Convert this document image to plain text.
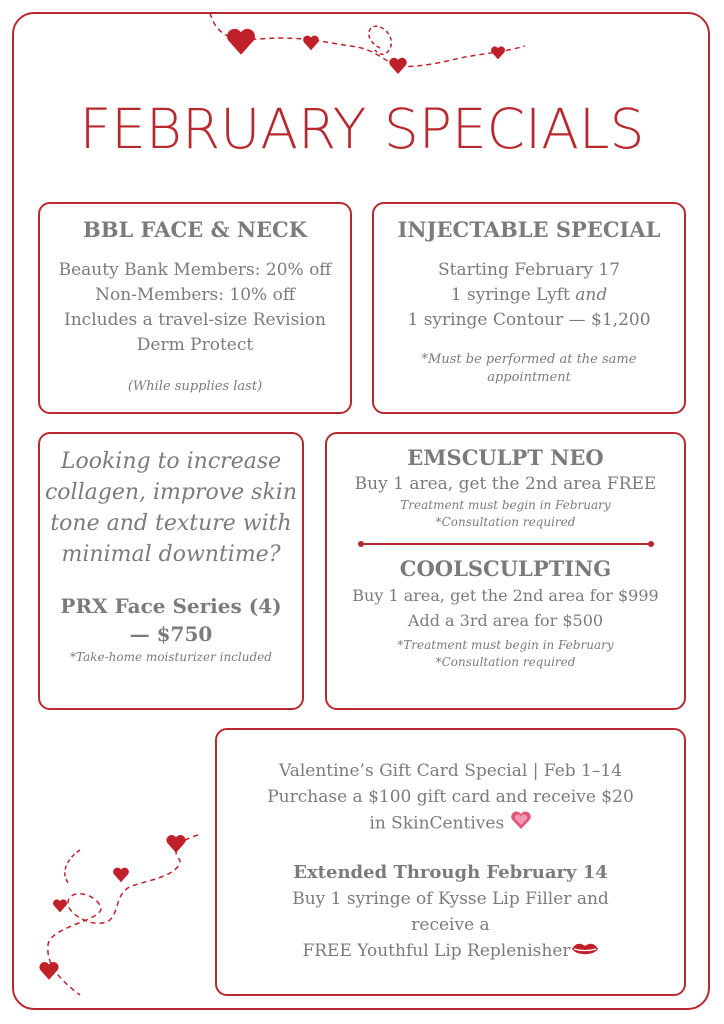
FEBRUARY SPECIALS
BBL FACE & NECK
Beauty Bank Members: 20% off
Non-Members: 10% off
Includes a travel-size Revision
Derm Protect
(While supplies last)
INJECTABLE SPECIAL
Starting February 17
1 syringe Lyft and
1 syringe Contour — $1,200
*Must be performed at the same
appointment
Looking to increase
collagen, improve skin
tone and texture with
minimal downtime?
PRX Face Series (4)
— $750
*Take-home moisturizer included
EMSCULPT NEO
Buy 1 area, get the 2nd area FREE
Treatment must begin in February
*Consultation required
COOLSCULPTING
Buy 1 area, get the 2nd area for $999
Add a 3rd area for $500
*Treatment must begin in February
*Consultation required
Valentine’s Gift Card Special | Feb 1–14
Purchase a $100 gift card and receive $20
in SkinCentives
Extended Through February 14
Buy 1 syringe of Kysse Lip Filler and
receive a
FREE Youthful Lip Replenisher
